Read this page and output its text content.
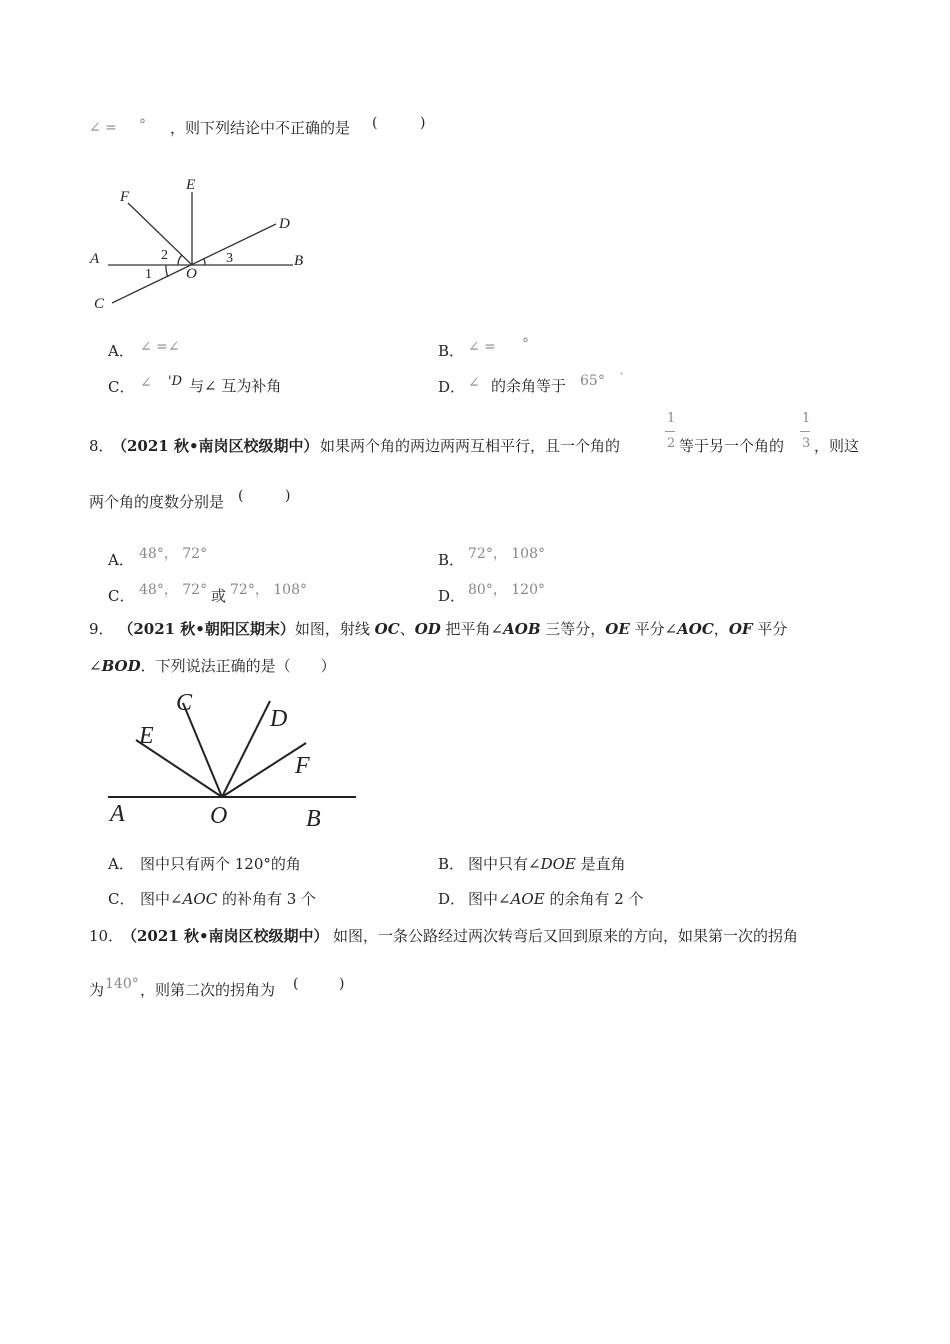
∠ = ° ，则下列结论中不正确的是 (	)
F
E
D
A	B
C
O
2
1
3
A． ∠ =∠	B． ∠ = °
C． ∠ 'D 与∠ 互为补角	D． ∠ 的余角等于 65° ′
8．
（2021 秋•南岗区校级期中） 如果两个角的两边两两互相平行，且一个角的
1
2 等于另一个角的
1
3 ，则这
两个角的度数分别是 (	)
A． 48°， 72°	B． 72°， 108°
C． 48°， 72° 或 72°， 108°	D． 80°， 120°
9． （2021 秋•朝阳区期末）如图，射线 OC、OD 把平角∠AOB 三等分，OE 平分∠AOC，OF 平分
∠BOD．下列说法正确的是（　　）
C
D
E
F
A	O	B
A． 图中只有两个 120°的角	B． 图中只有∠DOE 是直角
C． 图中∠AOC 的补角有 3 个	D． 图中∠AOE 的余角有 2 个
10．
（2021 秋•南岗区校级期中） 如图，一条公路经过两次转弯后又回到原来的方向，如果第一次的拐角
为 140° ，则第二次的拐角为 (	)
